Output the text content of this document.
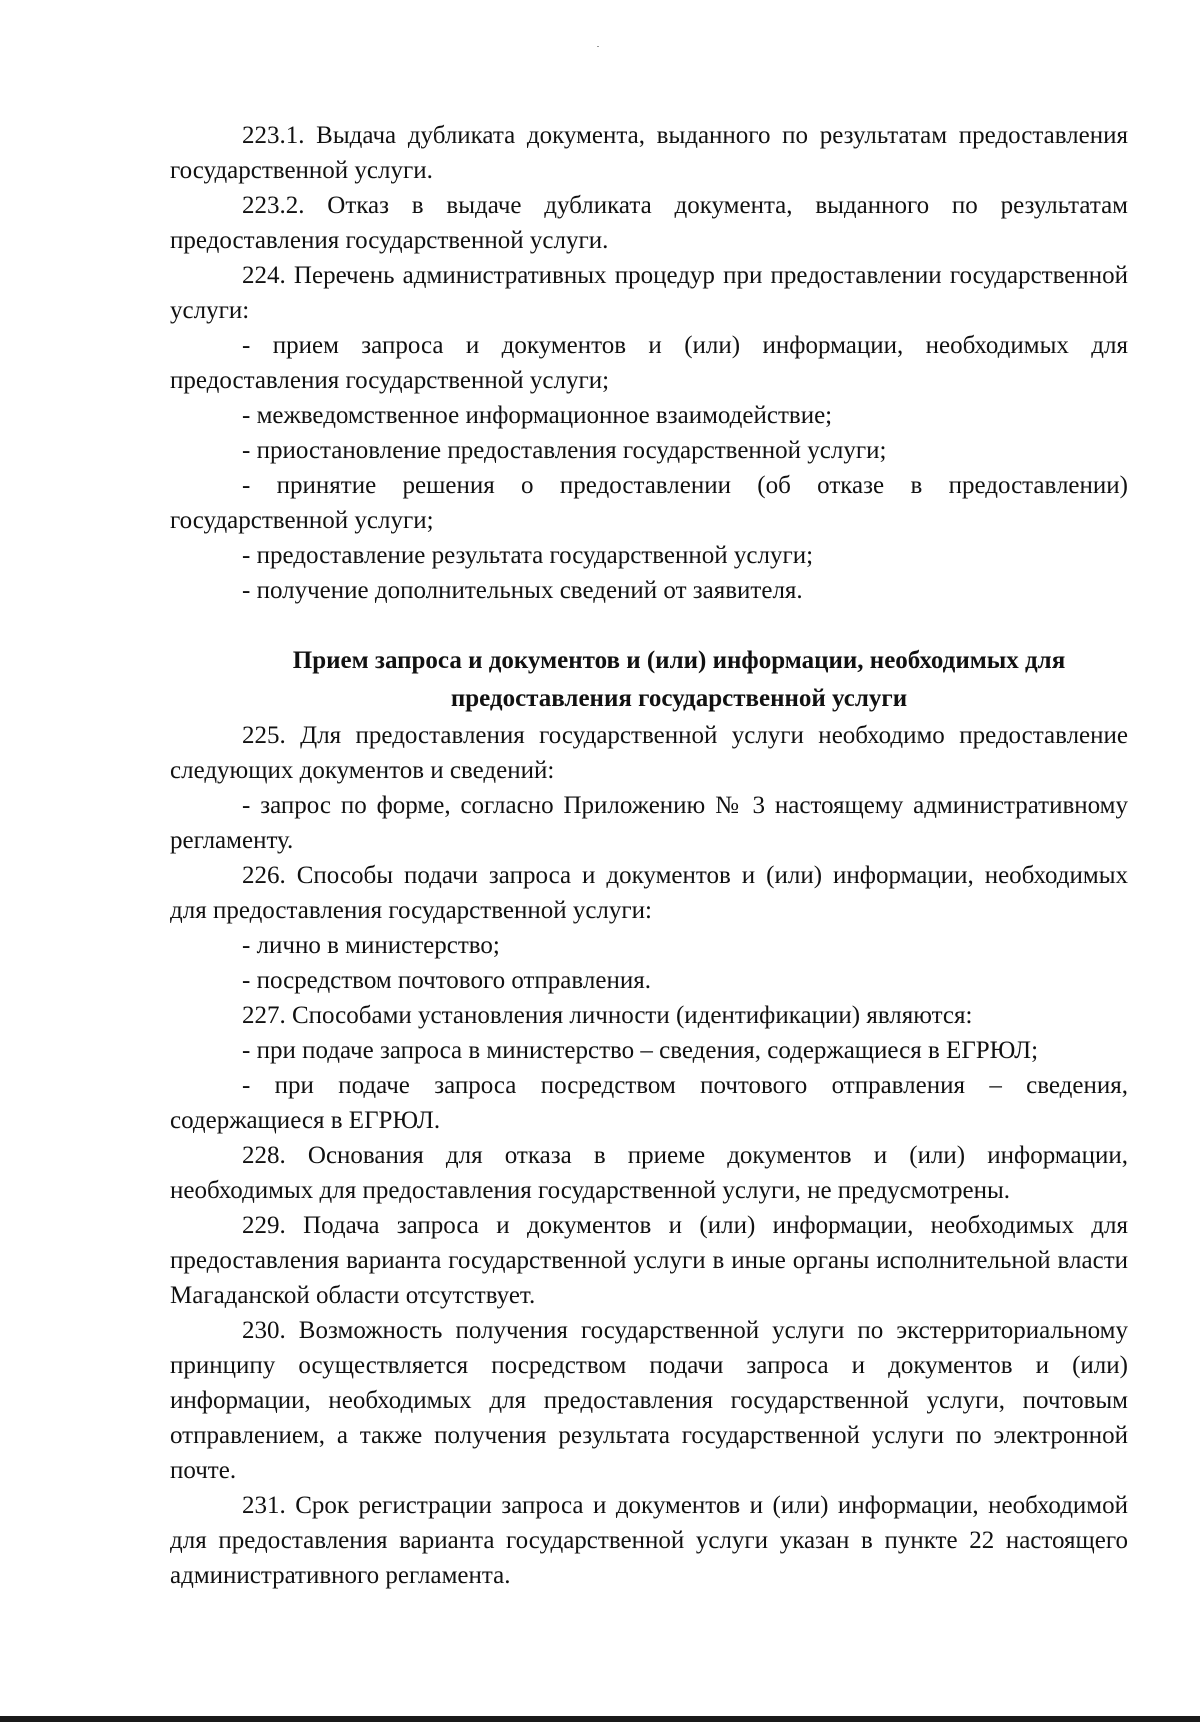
223.1. Выдача дубликата документа, выданного по результатам предоставления государственной услуги.

223.2. Отказ в выдаче дубликата документа, выданного по результатам предоставления государственной услуги.

224. Перечень административных процедур при предоставлении государственной услуги:

- прием запроса и документов и (или) информации, необходимых для предоставления государственной услуги;

- межведомственное информационное взаимодействие;

- приостановление предоставления государственной услуги;

- принятие решения о предоставлении (об отказе в предоставлении) государственной услуги;

- предоставление результата государственной услуги;

- получение дополнительных сведений от заявителя.

Прием запроса и документов и (или) информации, необходимых для предоставления государственной услуги

225. Для предоставления государственной услуги необходимо предоставление следующих документов и сведений:

- запрос по форме, согласно Приложению № 3 настоящему административному регламенту.

226. Способы подачи запроса и документов и (или) информации, необходимых для предоставления государственной услуги:

- лично в министерство;

- посредством почтового отправления.

227. Способами установления личности (идентификации) являются:

- при подаче запроса в министерство – сведения, содержащиеся в ЕГРЮЛ;

- при подаче запроса посредством почтового отправления – сведения, содержащиеся в ЕГРЮЛ.

228. Основания для отказа в приеме документов и (или) информации, необходимых для предоставления государственной услуги, не предусмотрены.

229. Подача запроса и документов и (или) информации, необходимых для предоставления варианта государственной услуги в иные органы исполнительной власти Магаданской области отсутствует.

230. Возможность получения государственной услуги по экстерриториальному принципу осуществляется посредством подачи запроса и документов и (или) информации, необходимых для предоставления государственной услуги, почтовым отправлением, а также получения результата государственной услуги по электронной почте.

231. Срок регистрации запроса и документов и (или) информации, необходимой для предоставления варианта государственной услуги указан в пункте 22 настоящего административного регламента.
